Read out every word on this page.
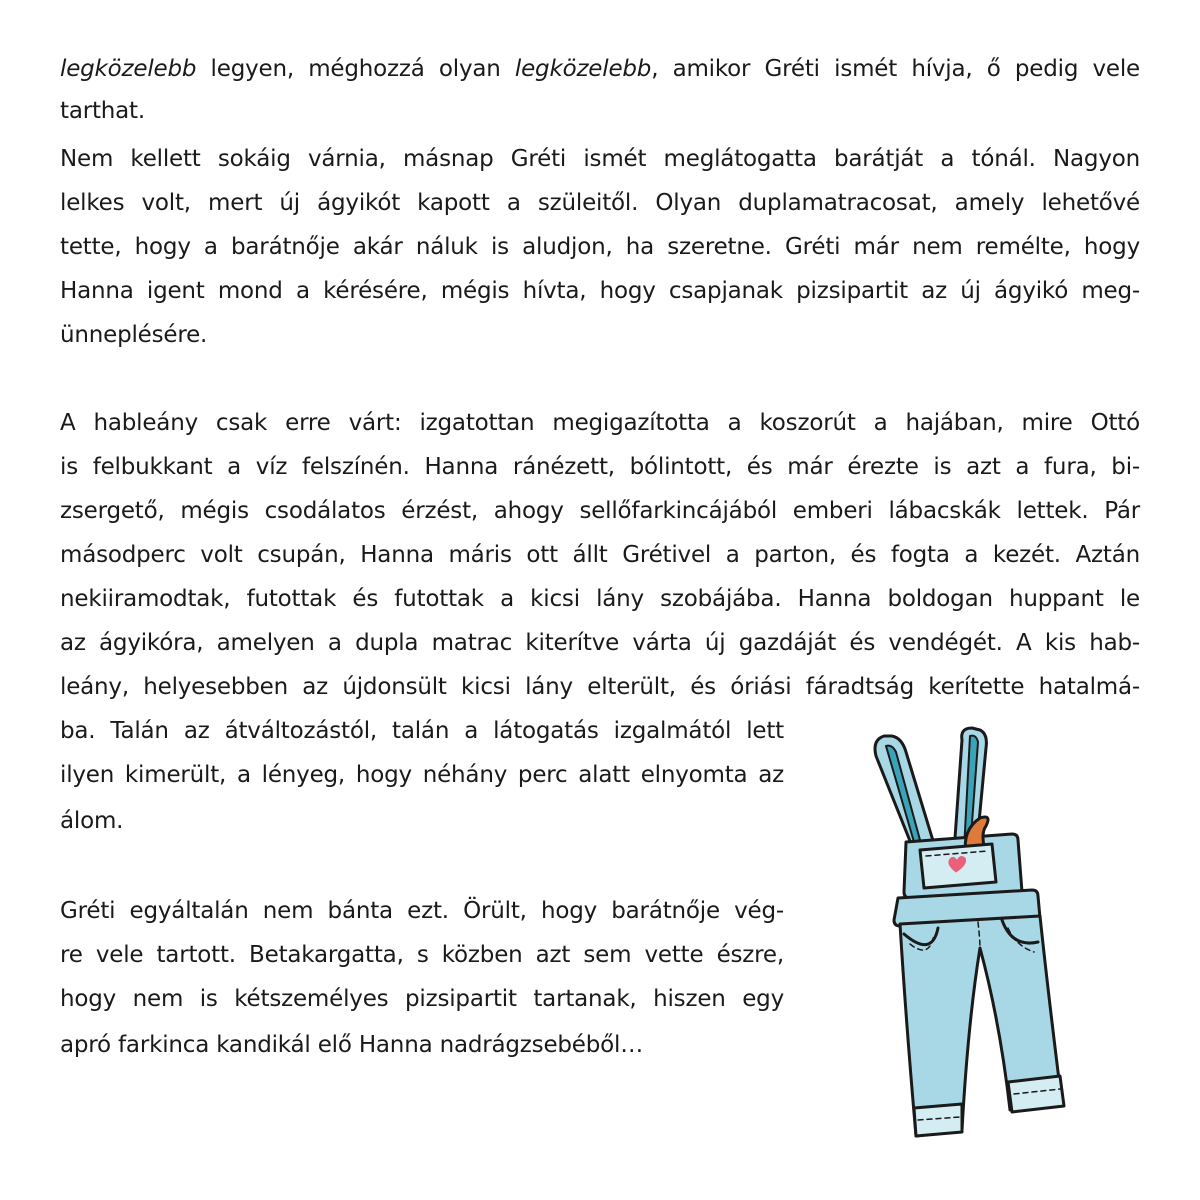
legközelebb legyen, méghozzá olyan legközelebb, amikor Gréti ismét hívja, ő pedig vele
tarthat.
Nem kellett sokáig várnia, másnap Gréti ismét meglátogatta barátját a tónál. Nagyon
lelkes volt, mert új ágyikót kapott a szüleitől. Olyan duplamatracosat, amely lehetővé
tette, hogy a barátnője akár náluk is aludjon, ha szeretne. Gréti már nem remélte, hogy
Hanna igent mond a kérésére, mégis hívta, hogy csapjanak pizsipartit az új ágyikó meg-
ünneplésére.
A hableány csak erre várt: izgatottan megigazította a koszorút a hajában, mire Ottó
is felbukkant a víz felszínén. Hanna ránézett, bólintott, és már érezte is azt a fura, bi-
zsergető, mégis csodálatos érzést, ahogy sellőfarkincájából emberi lábacskák lettek. Pár
másodperc volt csupán, Hanna máris ott állt Grétivel a parton, és fogta a kezét. Aztán
nekiiramodtak, futottak és futottak a kicsi lány szobájába. Hanna boldogan huppant le
az ágyikóra, amelyen a dupla matrac kiterítve várta új gazdáját és vendégét. A kis hab-
leány, helyesebben az újdonsült kicsi lány elterült, és óriási fáradtság kerítette hatalmá-
ba. Talán az átváltozástól, talán a látogatás izgalmától lett
ilyen kimerült, a lényeg, hogy néhány perc alatt elnyomta az
álom.
Gréti egyáltalán nem bánta ezt. Örült, hogy barátnője vég-
re vele tartott. Betakargatta, s közben azt sem vette észre,
hogy nem is kétszemélyes pizsipartit tartanak, hiszen egy
apró farkinca kandikál elő Hanna nadrágzsebéből…
